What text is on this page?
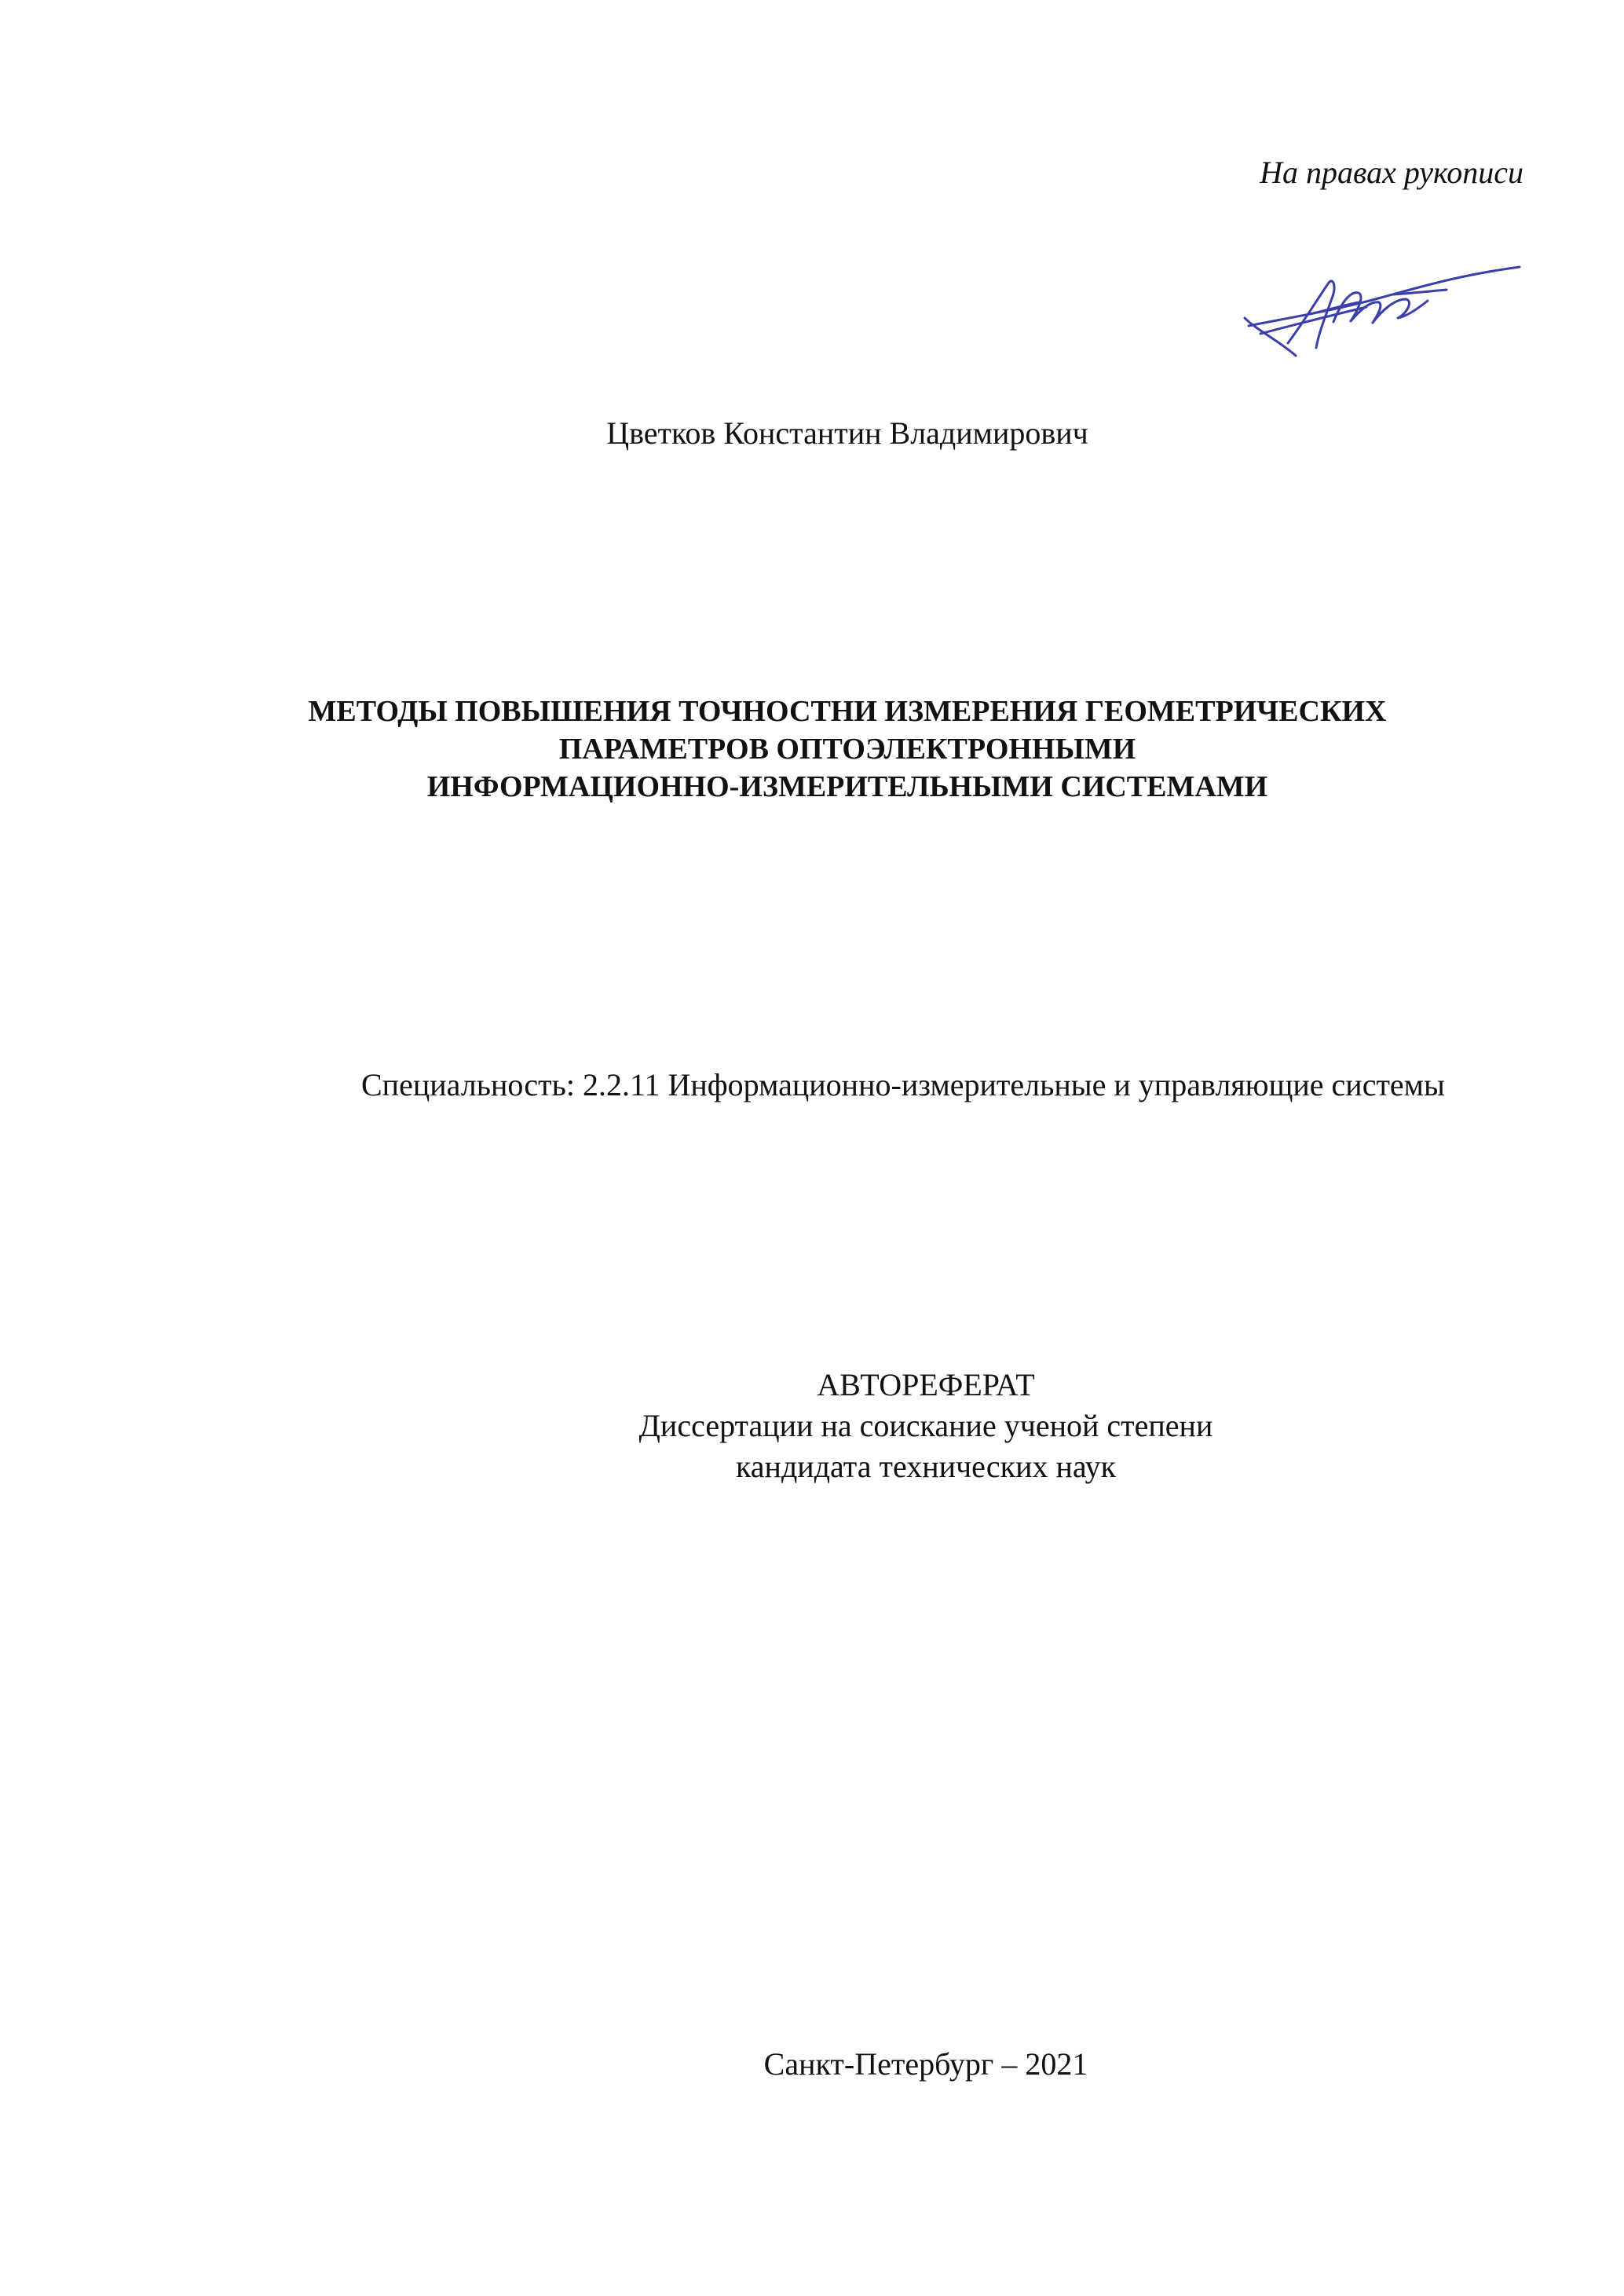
На правах рукописи
Цветков Константин Владимирович
МЕТОДЫ ПОВЫШЕНИЯ ТОЧНОСТНИ ИЗМЕРЕНИЯ ГЕОМЕТРИЧЕСКИХ
ПАРАМЕТРОВ ОПТОЭЛЕКТРОННЫМИ
ИНФОРМАЦИОННО-ИЗМЕРИТЕЛЬНЫМИ СИСТЕМАМИ
Специальность: 2.2.11 Информационно-измерительные и управляющие системы
АВТОРЕФЕРАТ
Диссертации на соискание ученой степени
кандидата технических наук
Санкт-Петербург – 2021
